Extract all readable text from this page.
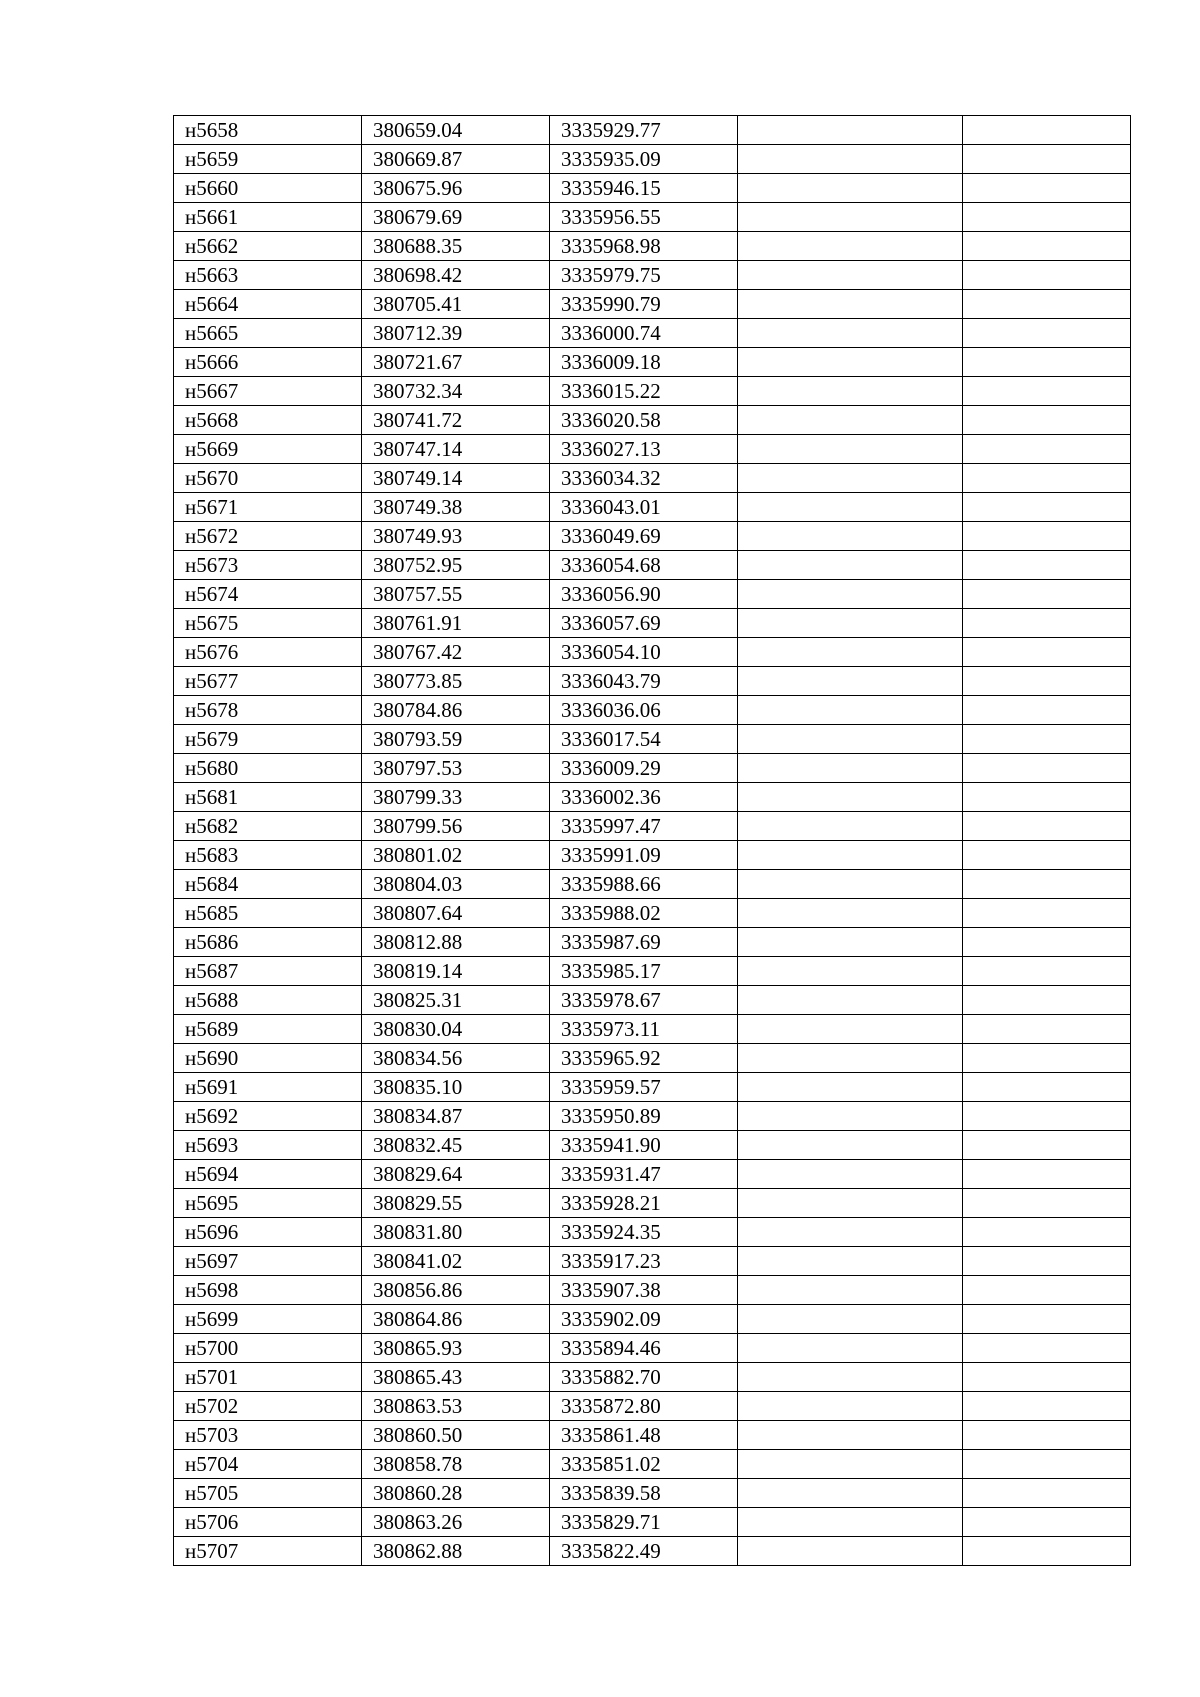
н5658	380659.04	3335929.77		
н5659	380669.87	3335935.09		
н5660	380675.96	3335946.15		
н5661	380679.69	3335956.55		
н5662	380688.35	3335968.98		
н5663	380698.42	3335979.75		
н5664	380705.41	3335990.79		
н5665	380712.39	3336000.74		
н5666	380721.67	3336009.18		
н5667	380732.34	3336015.22		
н5668	380741.72	3336020.58		
н5669	380747.14	3336027.13		
н5670	380749.14	3336034.32		
н5671	380749.38	3336043.01		
н5672	380749.93	3336049.69		
н5673	380752.95	3336054.68		
н5674	380757.55	3336056.90		
н5675	380761.91	3336057.69		
н5676	380767.42	3336054.10		
н5677	380773.85	3336043.79		
н5678	380784.86	3336036.06		
н5679	380793.59	3336017.54		
н5680	380797.53	3336009.29		
н5681	380799.33	3336002.36		
н5682	380799.56	3335997.47		
н5683	380801.02	3335991.09		
н5684	380804.03	3335988.66		
н5685	380807.64	3335988.02		
н5686	380812.88	3335987.69		
н5687	380819.14	3335985.17		
н5688	380825.31	3335978.67		
н5689	380830.04	3335973.11		
н5690	380834.56	3335965.92		
н5691	380835.10	3335959.57		
н5692	380834.87	3335950.89		
н5693	380832.45	3335941.90		
н5694	380829.64	3335931.47		
н5695	380829.55	3335928.21		
н5696	380831.80	3335924.35		
н5697	380841.02	3335917.23		
н5698	380856.86	3335907.38		
н5699	380864.86	3335902.09		
н5700	380865.93	3335894.46		
н5701	380865.43	3335882.70		
н5702	380863.53	3335872.80		
н5703	380860.50	3335861.48		
н5704	380858.78	3335851.02		
н5705	380860.28	3335839.58		
н5706	380863.26	3335829.71		
н5707	380862.88	3335822.49		
